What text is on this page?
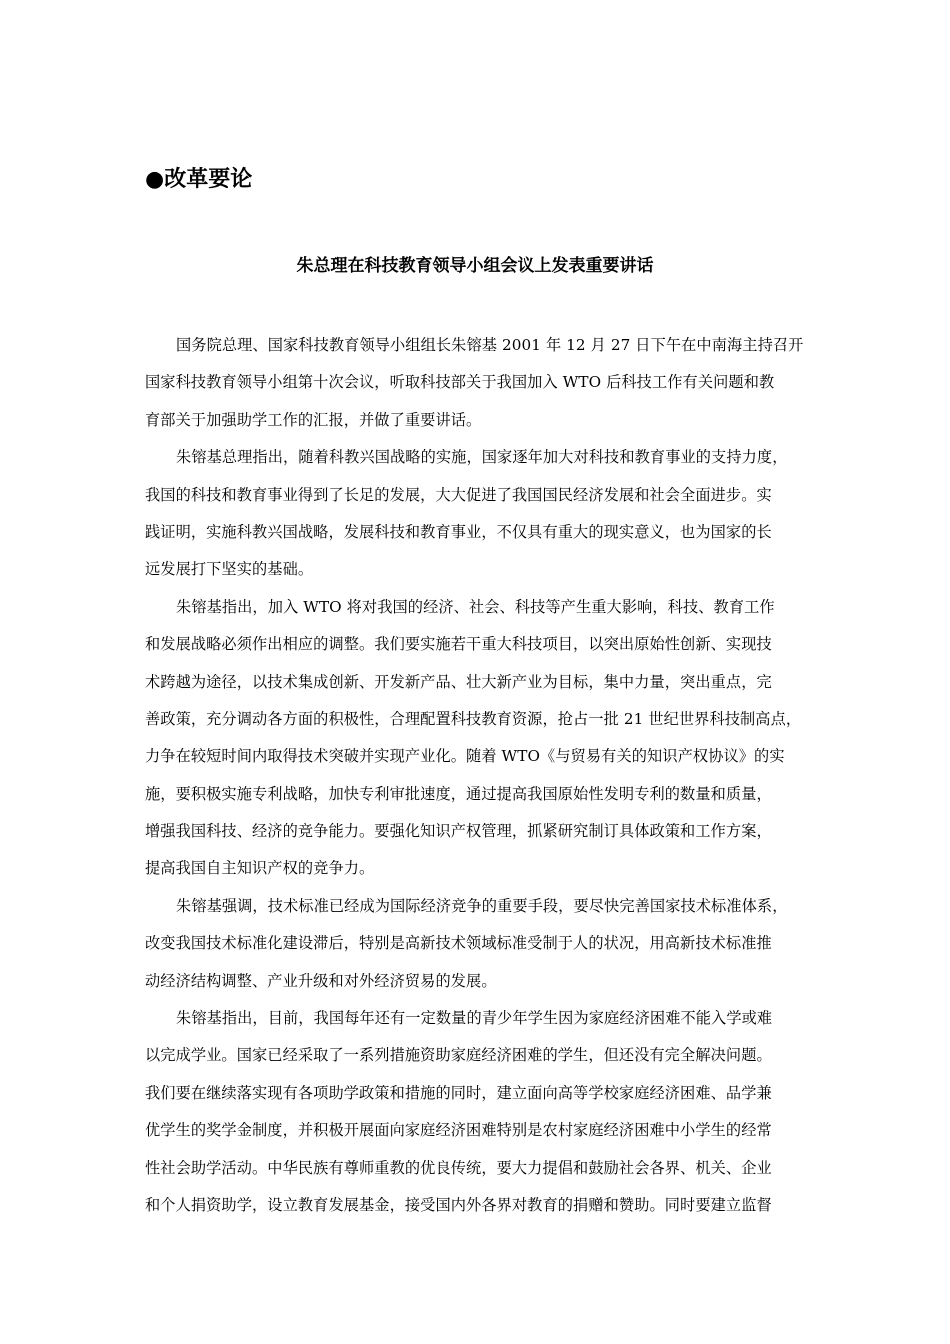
●改革要论
朱总理在科技教育领导小组会议上发表重要讲话
国务院总理、国家科技教育领导小组组长朱镕基 2001 年 12 月 27 日下午在中南海主持召开
国家科技教育领导小组第十次会议，听取科技部关于我国加入 WTO 后科技工作有关问题和教
育部关于加强助学工作的汇报，并做了重要讲话。
朱镕基总理指出，随着科教兴国战略的实施，国家逐年加大对科技和教育事业的支持力度，
我国的科技和教育事业得到了长足的发展，大大促进了我国国民经济发展和社会全面进步。实
践证明，实施科教兴国战略，发展科技和教育事业，不仅具有重大的现实意义，也为国家的长
远发展打下坚实的基础。
朱镕基指出，加入 WTO 将对我国的经济、社会、科技等产生重大影响，科技、教育工作
和发展战略必须作出相应的调整。我们要实施若干重大科技项目，以突出原始性创新、实现技
术跨越为途径，以技术集成创新、开发新产品、壮大新产业为目标，集中力量，突出重点，完
善政策，充分调动各方面的积极性，合理配置科技教育资源，抢占一批 21 世纪世界科技制高点，
力争在较短时间内取得技术突破并实现产业化。随着 WTO《与贸易有关的知识产权协议》的实
施，要积极实施专利战略，加快专利审批速度，通过提高我国原始性发明专利的数量和质量，
增强我国科技、经济的竞争能力。要强化知识产权管理，抓紧研究制订具体政策和工作方案，
提高我国自主知识产权的竞争力。
朱镕基强调，技术标准已经成为国际经济竞争的重要手段，要尽快完善国家技术标准体系，
改变我国技术标准化建设滞后，特别是高新技术领域标准受制于人的状况，用高新技术标准推
动经济结构调整、产业升级和对外经济贸易的发展。
朱镕基指出，目前，我国每年还有一定数量的青少年学生因为家庭经济困难不能入学或难
以完成学业。国家已经采取了一系列措施资助家庭经济困难的学生，但还没有完全解决问题。
我们要在继续落实现有各项助学政策和措施的同时，建立面向高等学校家庭经济困难、品学兼
优学生的奖学金制度，并积极开展面向家庭经济困难特别是农村家庭经济困难中小学生的经常
性社会助学活动。中华民族有尊师重教的优良传统，要大力提倡和鼓励社会各界、机关、企业
和个人捐资助学，设立教育发展基金，接受国内外各界对教育的捐赠和赞助。同时要建立监督
